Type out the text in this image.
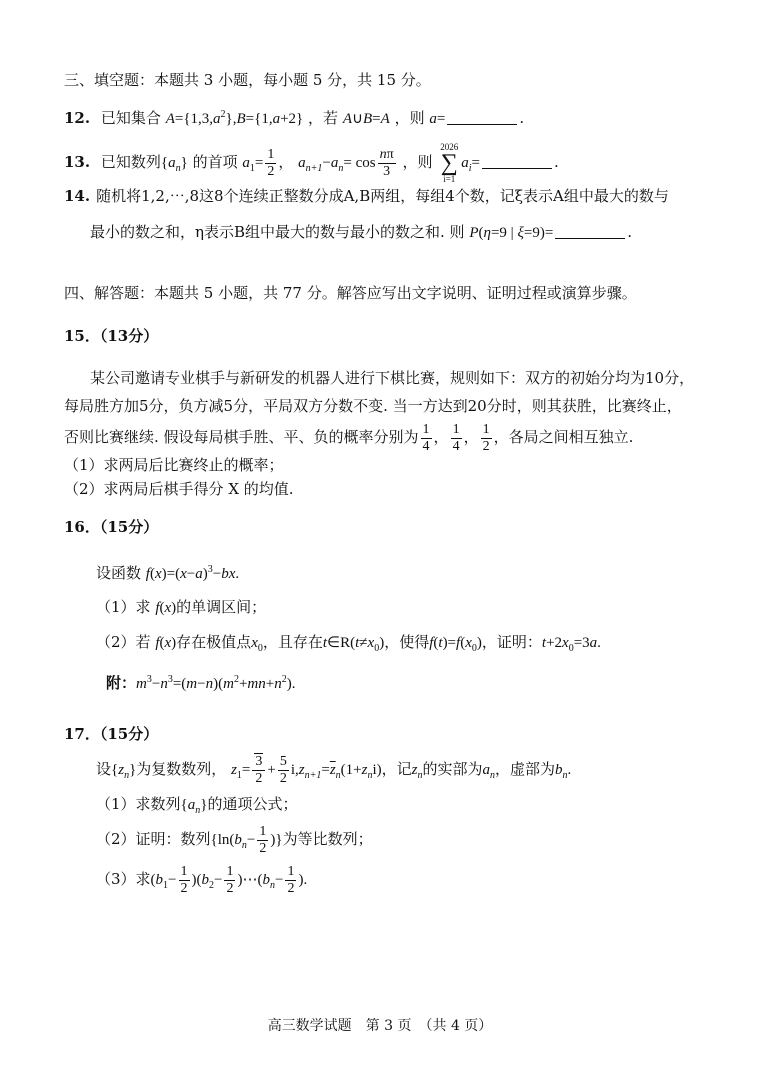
三、填空题：本题共 3 小题，每小题 5 分，共 15 分。
12. 已知集合 $A=\{1,3,a^2\},B=\{1,a+2\}$ ，若 A∪B=A ，则 a=	.
13. 已知数列$\{a_n\}$ 的首项 $a_1= \frac{1}{2}$ ， $a_{n+1}-a_n= \cos \frac{n\pi}{3}$ ，则
2026
∑
i=1
$a_i=$	.
14. 随机将1,2,⋯,8这8个连续正整数分成A,B两组，每组4个数，记ξ表示A组中最大的数与
最小的数之和，η表示B组中最大的数与最小的数之和. 则 P(η=9 | ξ=9)=	.
四、解答题：本题共 5 小题，共 77 分。解答应写出文字说明、证明过程或演算步骤。
15．（13分）
某公司邀请专业棋手与新研发的机器人进行下棋比赛，规则如下：双方的初始分均为10分，
每局胜方加5分，负方减5分，平局双方分数不变. 当一方达到20分时，则其获胜，比赛终止，
否则比赛继续. 假设每局棋手胜、平、负的概率分别为 $\frac{1}{4}$ ， $\frac{1}{4}$ ， $\frac{1}{2}$ ，各局之间相互独立.
（1）求两局后比赛终止的概率；
（2）求两局后棋手得分 X 的均值.
16．（15分）
设函数 $f(x)=(x-a)^3-bx$.
（1）求 f(x)的单调区间；
（2）若 f(x)存在极值点$x_0$，且存在$t\in R(t\ne x_0)$，使得$f(t)=f(x_0)$，证明：$t+2x_0=3a$.
附：$m^3-n^3=(m-n)(m^2+mn+n^2)$.
17．（15分）
设$\{z_n\}$为复数数列， $z_1= \frac{3}{2} + \frac{5}{2} i,z_{n+1}=\overline{z}_n(1+z_ni)$，记$z_n$的实部为$a_n$，虚部为$b_n$.
（1）求数列$\{a_n\}$的通项公式；
（2）证明：数列{$\ln(b_n- \frac{1}{2}$ )}为等比数列；
（3）求$(b_1- \frac{1}{2} )(b_2- \frac{1}{2}$ )$\cdots(b_n- \frac{1}{2}$ ).
高三数学试题　第 3 页　（共 4 页）
